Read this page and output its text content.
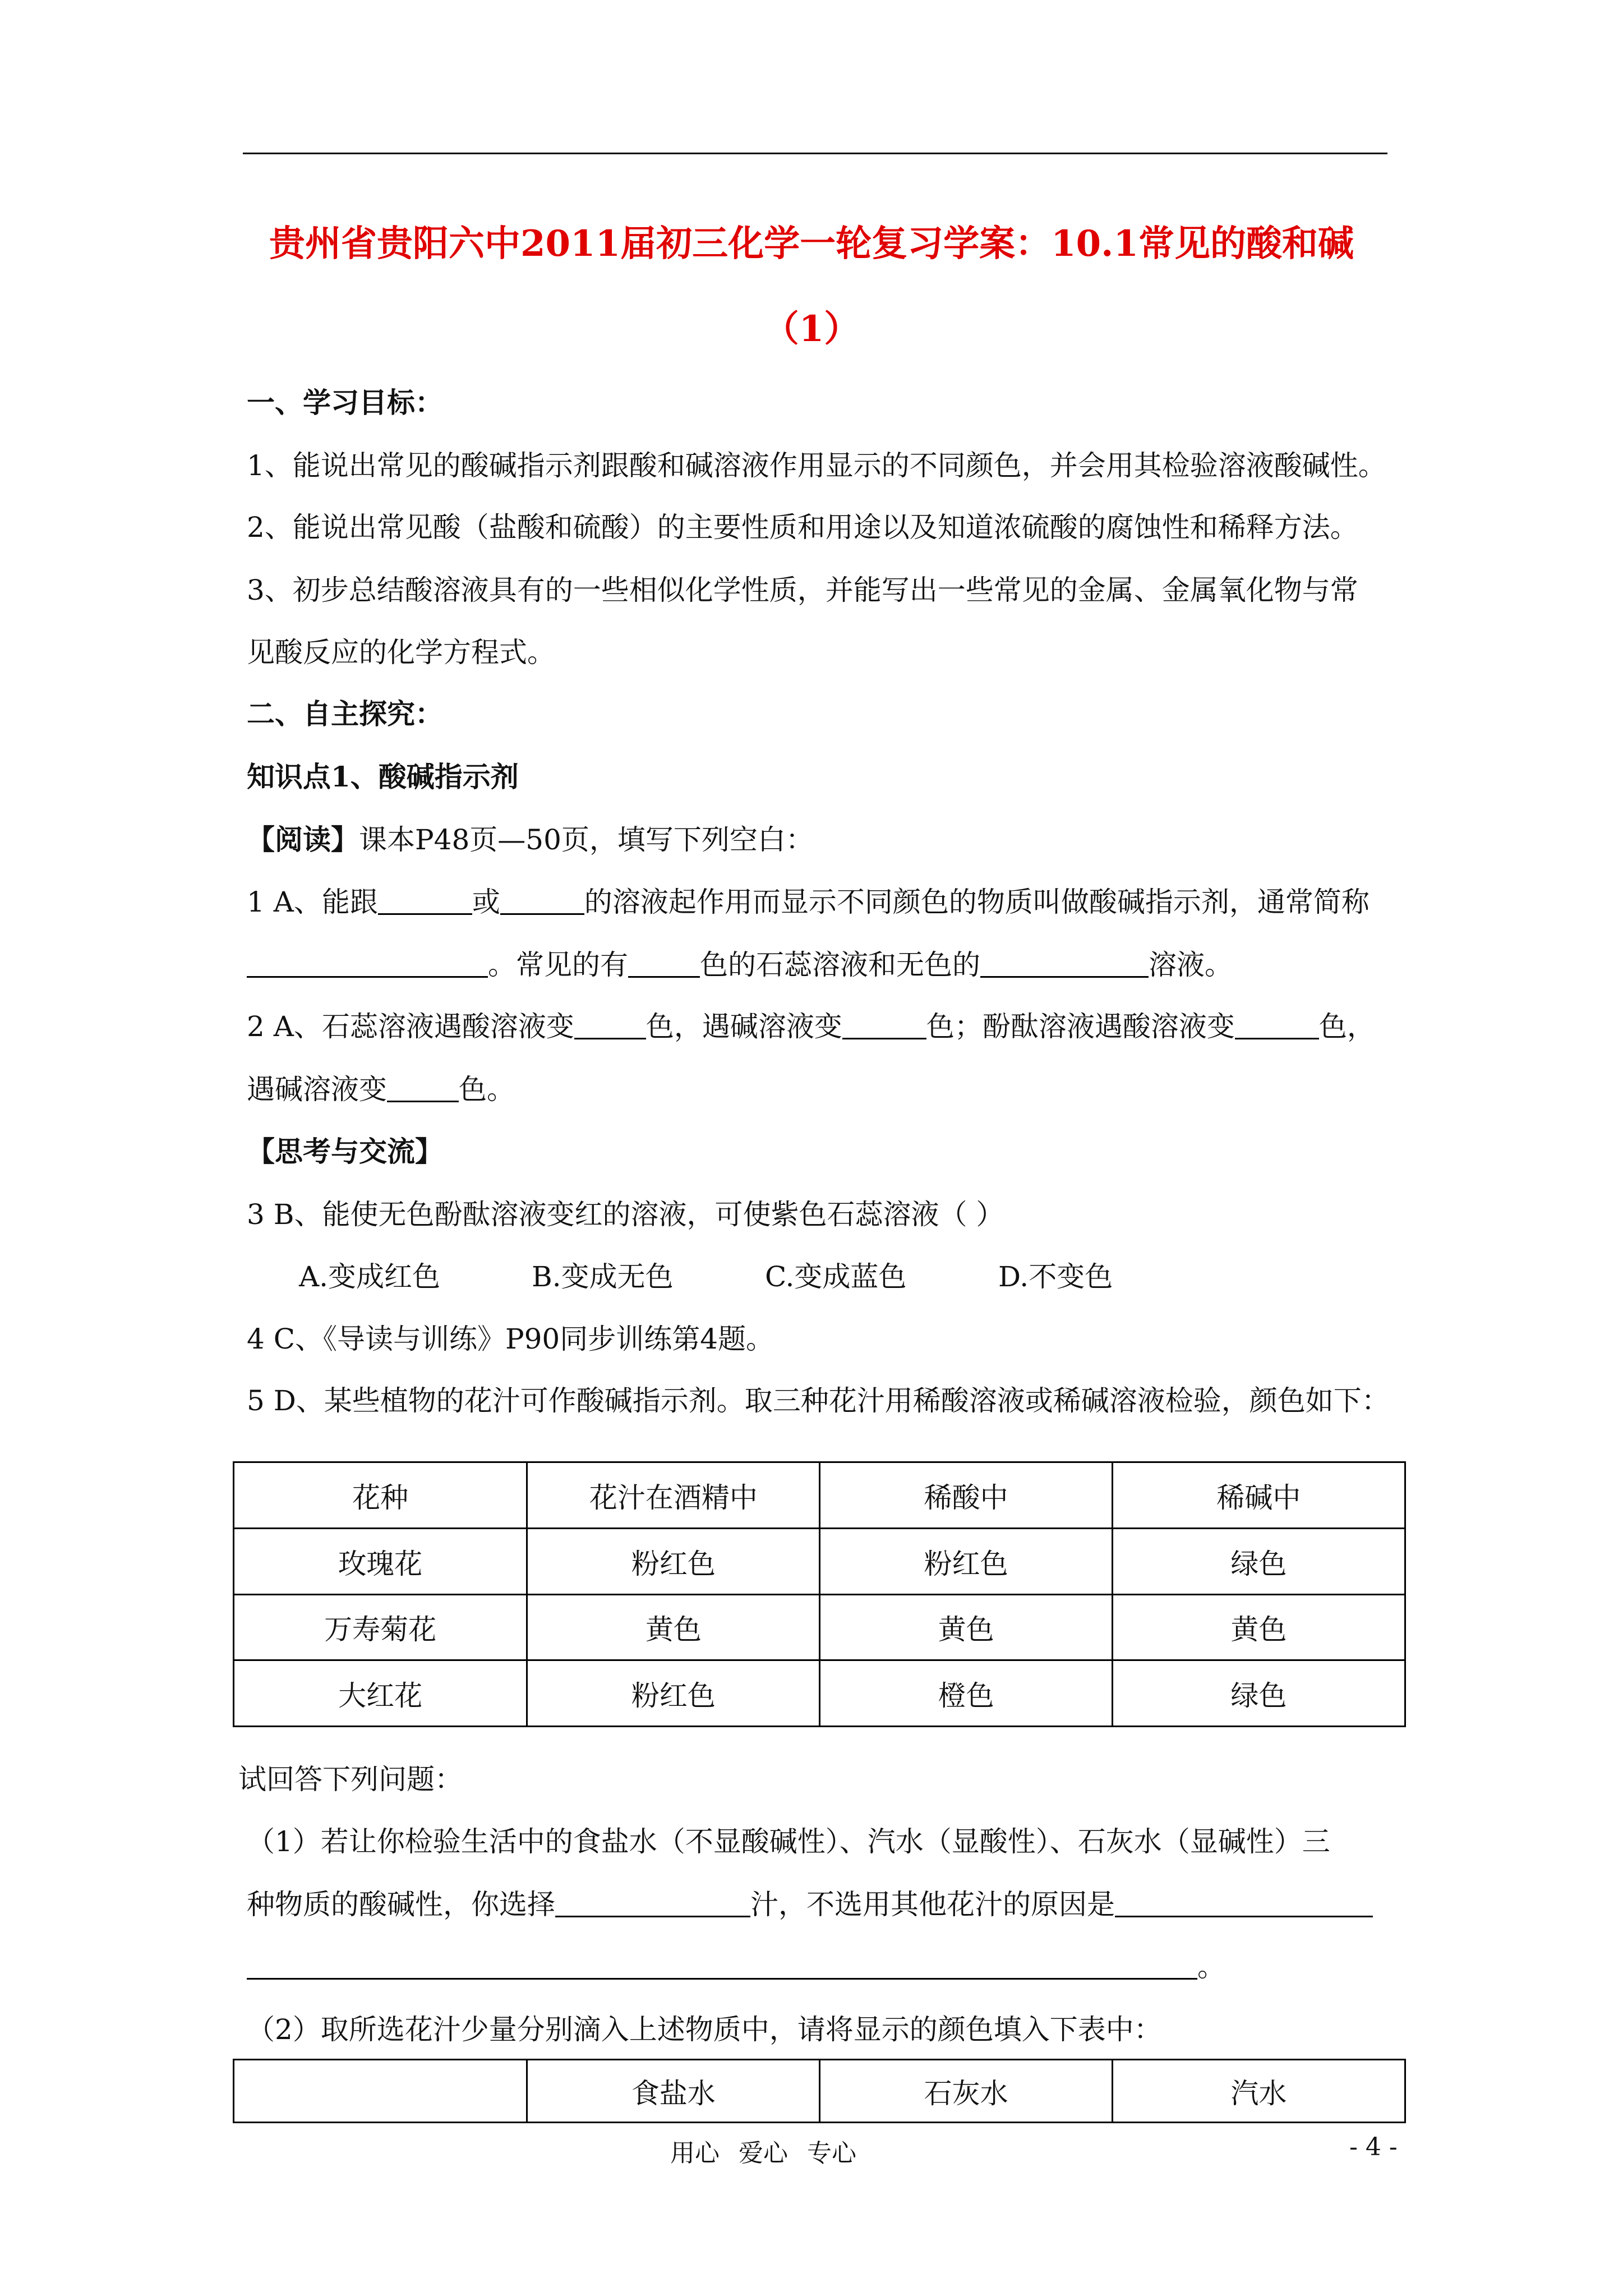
贵州省贵阳六中2011届初三化学一轮复习学案：10.1常见的酸和碱
（1）
一、学习目标：
1、能说出常见的酸碱指示剂跟酸和碱溶液作用显示的不同颜色，并会用其检验溶液酸碱性。
2、能说出常见酸（盐酸和硫酸）的主要性质和用途以及知道浓硫酸的腐蚀性和稀释方法。
3、初步总结酸溶液具有的一些相似化学性质，并能写出一些常见的金属、金属氧化物与常
见酸反应的化学方程式。
二、自主探究：
知识点1、酸碱指示剂
【阅读】课本P48页—50页，填写下列空白：
1 A、能跟	或	的溶液起作用而显示不同颜色的物质叫做酸碱指示剂，通常简称
。常见的有	色的石蕊溶液和无色的	溶液。
2 A、石蕊溶液遇酸溶液变	色，遇碱溶液变	色；酚酞溶液遇酸溶液变	色，
遇碱溶液变	色。
【思考与交流】
3 B、能使无色酚酞溶液变红的溶液，可使紫色石蕊溶液（ ）
A.变成红色	B.变成无色	C.变成蓝色	D.不变色
4 C、《导读与训练》P90同步训练第4题。
5 D、某些植物的花汁可作酸碱指示剂。取三种花汁用稀酸溶液或稀碱溶液检验，颜色如下：
花种	花汁在酒精中	稀酸中	稀碱中
玫瑰花	粉红色	粉红色	绿色
万寿菊花	黄色	黄色	黄色
大红花	粉红色	橙色	绿色
试回答下列问题：
（1）若让你检验生活中的食盐水（不显酸碱性）、汽水（显酸性）、石灰水（显碱性）三
种物质的酸碱性，你选择	汁，不选用其他花汁的原因是
。
（2）取所选花汁少量分别滴入上述物质中，请将显示的颜色填入下表中：
	食盐水	石灰水	汽水
用心 爱心 专心	- 4 -
